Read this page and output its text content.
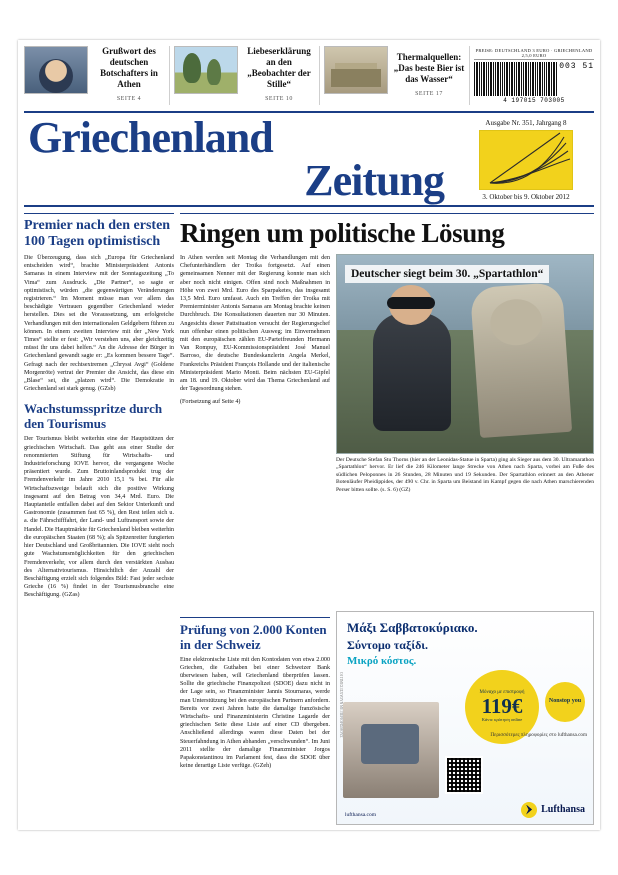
Grußwort des deutschen Botschafters in Athen
SEITE 4
Liebeserklärung an den „Beobachter der Stille“
SEITE 10
Thermalquellen: „Das beste Bier ist das Wasser“
SEITE 17
PREISE: DEUTSCHLAND 3 EURO · GRIECHENLAND 2,5,0 EURO
003 51
4 197015 703005
Griechenland
Zeitung
Ausgabe Nr. 351, Jahrgang 8
3. Oktober bis 9. Oktober 2012
Premier nach den ersten 100 Tagen optimistisch

Die Überzeugung, dass sich „Europa für Griechenland entscheiden wird“, brachte Ministerpräsident Antonis Samaras in einem Interview mit der Sonntagszeitung „To Vima“ zum Ausdruck. „Die Partner“, so sagte er optimistisch, würden „die gegenwärtigen Veränderungen registrieren.“ Im Moment müsse man vor allem das beschädigte Vertrauen gegenüber Griechenland wieder herstellen. Dies sei die Voraussetzung, um erfolgreiche Verhandlungen mit den internationalen Geldgebern führen zu können. In einem zweiten Interview mit der „New York Times“ stellte er fest: „Wir verstehen uns, aber gleichzeitig müsst ihr uns dabei helfen.“ An die Adresse der Bürger in Griechenland gewandt sagte er: „Es kommen bessere Tage“. Gefragt nach der rechtsextremen „Chryssi Avgi“ (Goldene Morgenröte) vertrat der Premier die Ansicht, das diese ein „Blase“ sei, die „platzen wird“. Die Demokratie in Griechenland sei stark genug. (GZsb)

Wachstumsspritze durch den Tourismus

Der Tourismus bleibt weiterhin eine der Hauptstützen der griechischen Wirtschaft. Das geht aus einer Studie der renommierten Stiftung für Wirtschafts- und Industrieforschung IOVE hervor, die vergangene Woche präsentiert wurde. Zum Bruttoinlandsprodukt trug der Fremdenverkehr im Jahre 2010 15,1 % bei. Für alle Wirtschaftszweige belauft sich die positive Wirkung insgesamt auf den Betrag von 34,4 Mrd. Euro. Die Hauptanteile entfallen dabei auf den Sektor Unterkunft und Gastronomie (zusammen fast 65 %), den Rest teilen sich u. a. die Fährschifffahrt, der Land- und Luftransport sowie der Handel. Die Hauptmärkte für Griechenland bleiben weiterhin die europäischen Staaten (68 %); als Spitzenreiter fungierten hier Deutschland und Großbritannien. Die IOVE sieht noch gute Wachstumsmöglichkeiten für den griechischen Fremdenverkehr, vor allem durch den verstärkten Ausbau des Alternativtourismus. Hinsichtlich der Anzahl der Beschäftigung erzielt sich folgendes Bild: Fast jeder sechste Grieche (16 %) findet in der Tourismusbranche eine Beschäftigung. (GZas)

Ringen um politische Lösung

In Athen werden seit Montag die Verhandlungen mit den Chefunterhändlern der Troika fortgesetzt. Auf einen gemeinsamen Nenner mit der Regierung konnte man sich aber noch nicht einigen. Offen sind noch Maßnahmen in Höhe von zwei Mrd. Euro des Sparpaketes, das insgesamt 13,5 Mrd. Euro umfasst. Auch ein Treffen der Troika mit Premierminister Antonis Samaras am Montag brachte keinen Durchbruch. Die Konsultationen dauerten nur 30 Minuten. Angesichts dieser Pattsituation versucht der Regierungschef nun offenbar einen politischen Ausweg; im Einvernehmen mit den europäischen zählen EU-Parteifreunden Hermann Van Rompuy, EU-Kommissionspräsident José Manuel Barroso, die deutsche Bundeskanzlerin Angela Merkel, Frankreichs Präsident François Hollande und der italienische Ministerpräsident Mario Monti. Beim nächsten EU-Gipfel am 18. und 19. Oktober wird das Thema Griechenland auf der Tagesordnung stehen.

(Fortsetzung auf Seite 4)

Deutscher siegt beim 30. „Spartathlon“
Der Deutsche Stefan Stu Thorns (hier an der Leonidas-Statue in Sparta) ging als Sieger aus dem 30. Ultramarathon „Spartathlon“ hervor. Er lief die 246 Kilometer lange Strecke von Athen nach Sparta, vorbei am Fuße des südlichen Peloponnes in 26 Stunden, 28 Minuten und 19 Sekunden. Der Spartathlon erinnert an den Athener Botenläufer Pheidippides, der 490 v. Chr. in Sparta um Beistand im Kampf gegen die nach Athen marschierenden Perser bitten sollte. (s. S. 6) (GZ)
Prüfung von 2.000 Konten in der Schweiz

Eine elektronische Liste mit den Kontodaten von etwa 2.000 Griechen, die Guthaben bei einer Schweizer Bank überwiesen haben, will Griechenland überprüfen lassen. Sollte die griechische Finanzpolizei (SDOE) dazu nicht in der Lage sein, so Finanzminister Jannis Stournaras, werde man Unterstützung bei den europäischen Partnern anfordern. Bereits vor zwei Jahren hatte die damalige französische Wirtschafts- und Finanzministerin Christine Lagarde der griechischen Seite diese Liste auf einer CD übergeben. Anschließend allerdings waren diese Daten bei der Steuerfahndung in Athen abhanden „verschwunden“. Im Juni 2011 stellte der damalige Finanzminister Jorgos Papakonstantinou im Parlament fest, dass die SDOE über keine derartige Liste verfüge. (GZeh)

Μάξι Σαββατοκύριακο.
Σύντομο ταξίδι.
Μικρό κόστος.
ΟΙ ΤΙΜΕΣ ΙΣΧΥΟΥΝ ΜΕ ΠΕΡΙΟΡΙΣΜΟΥΣ	Μόναχο με επιστροφή
119€
Κάντε κράτηση online
Nonstop you
Περισσότερες πληροφορίες στο lufthansa.com
lufthansa.com	Lufthansa
